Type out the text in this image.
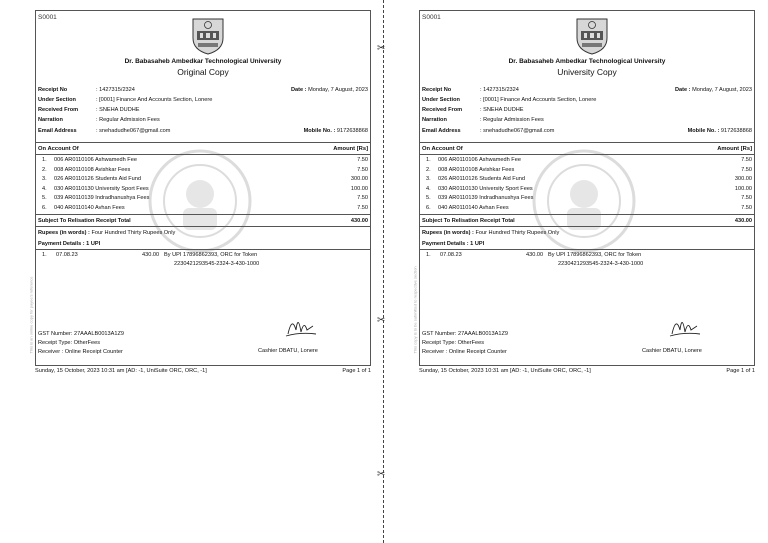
✂
✂
✂
This is an online copy for payee's reference
S0001
Dr. Babasaheb Ambedkar Technological University
Original Copy
Receipt No	: 1427315/2324	Date : Monday, 7 August, 2023
Under Section	: [0001] Finance And Accounts Section, Lonere
Received From	: SNEHA DUDHE
Narration	: Regular Admission Fees
Email Address	: snehadudhe067@gmail.com	Mobile No. : 9172638868
On Account Of	Amount [Rs]
1. 006 AR0110106 Ashwamedh Fee	7.50
2. 008 AR0110108 Avishkar Fees	7.50
3. 026 AR0110126 Students Aid Fund	300.00
4. 030 AR0110130 University Sport Fees	100.00
5. 039 AR0110139 Indradhanushya Fees	7.50
6. 040 AR0110140 Avhan Fees	7.50
Subject To Relisation Receipt Total	430.00
Rupees (in words) : Four Hundred Thirty Rupees Only
Payment Details : 1 UPI
1. 07.08.23	430.00 By UPI 17896862393, ORC for Token
2230421293545-2324-3-430-1000
GST Number: 27AAALB0013A1Z9
Receipt Type: OtherFees
Receiver : Online Receipt Counter	Cashier DBATU, Lonere
Sunday, 15 October, 2023 10:31 am [AD: -1, UniSuite ORC, ORC, -1]	Page 1 of 1
This copy is to be submitted to respective section
S0001
Dr. Babasaheb Ambedkar Technological University
University Copy
Receipt No	: 1427315/2324	Date : Monday, 7 August, 2023
Under Section	: [0001] Finance And Accounts Section, Lonere
Received From	: SNEHA DUDHE
Narration	: Regular Admission Fees
Email Address	: snehadudhe067@gmail.com	Mobile No. : 9172638868
On Account Of	Amount [Rs]
1. 006 AR0110106 Ashwamedh Fee	7.50
2. 008 AR0110108 Avishkar Fees	7.50
3. 026 AR0110126 Students Aid Fund	300.00
4. 030 AR0110130 University Sport Fees	100.00
5. 039 AR0110139 Indradhanushya Fees	7.50
6. 040 AR0110140 Avhan Fees	7.50
Subject To Relisation Receipt Total	430.00
Rupees (in words) : Four Hundred Thirty Rupees Only
Payment Details : 1 UPI
1. 07.08.23	430.00 By UPI 17896862393, ORC for Token
2230421293545-2324-3-430-1000
GST Number: 27AAALB0013A1Z9
Receipt Type: OtherFees
Receiver : Online Receipt Counter	Cashier DBATU, Lonere
Sunday, 15 October, 2023 10:31 am [AD: -1, UniSuite ORC, ORC, -1]	Page 1 of 1
